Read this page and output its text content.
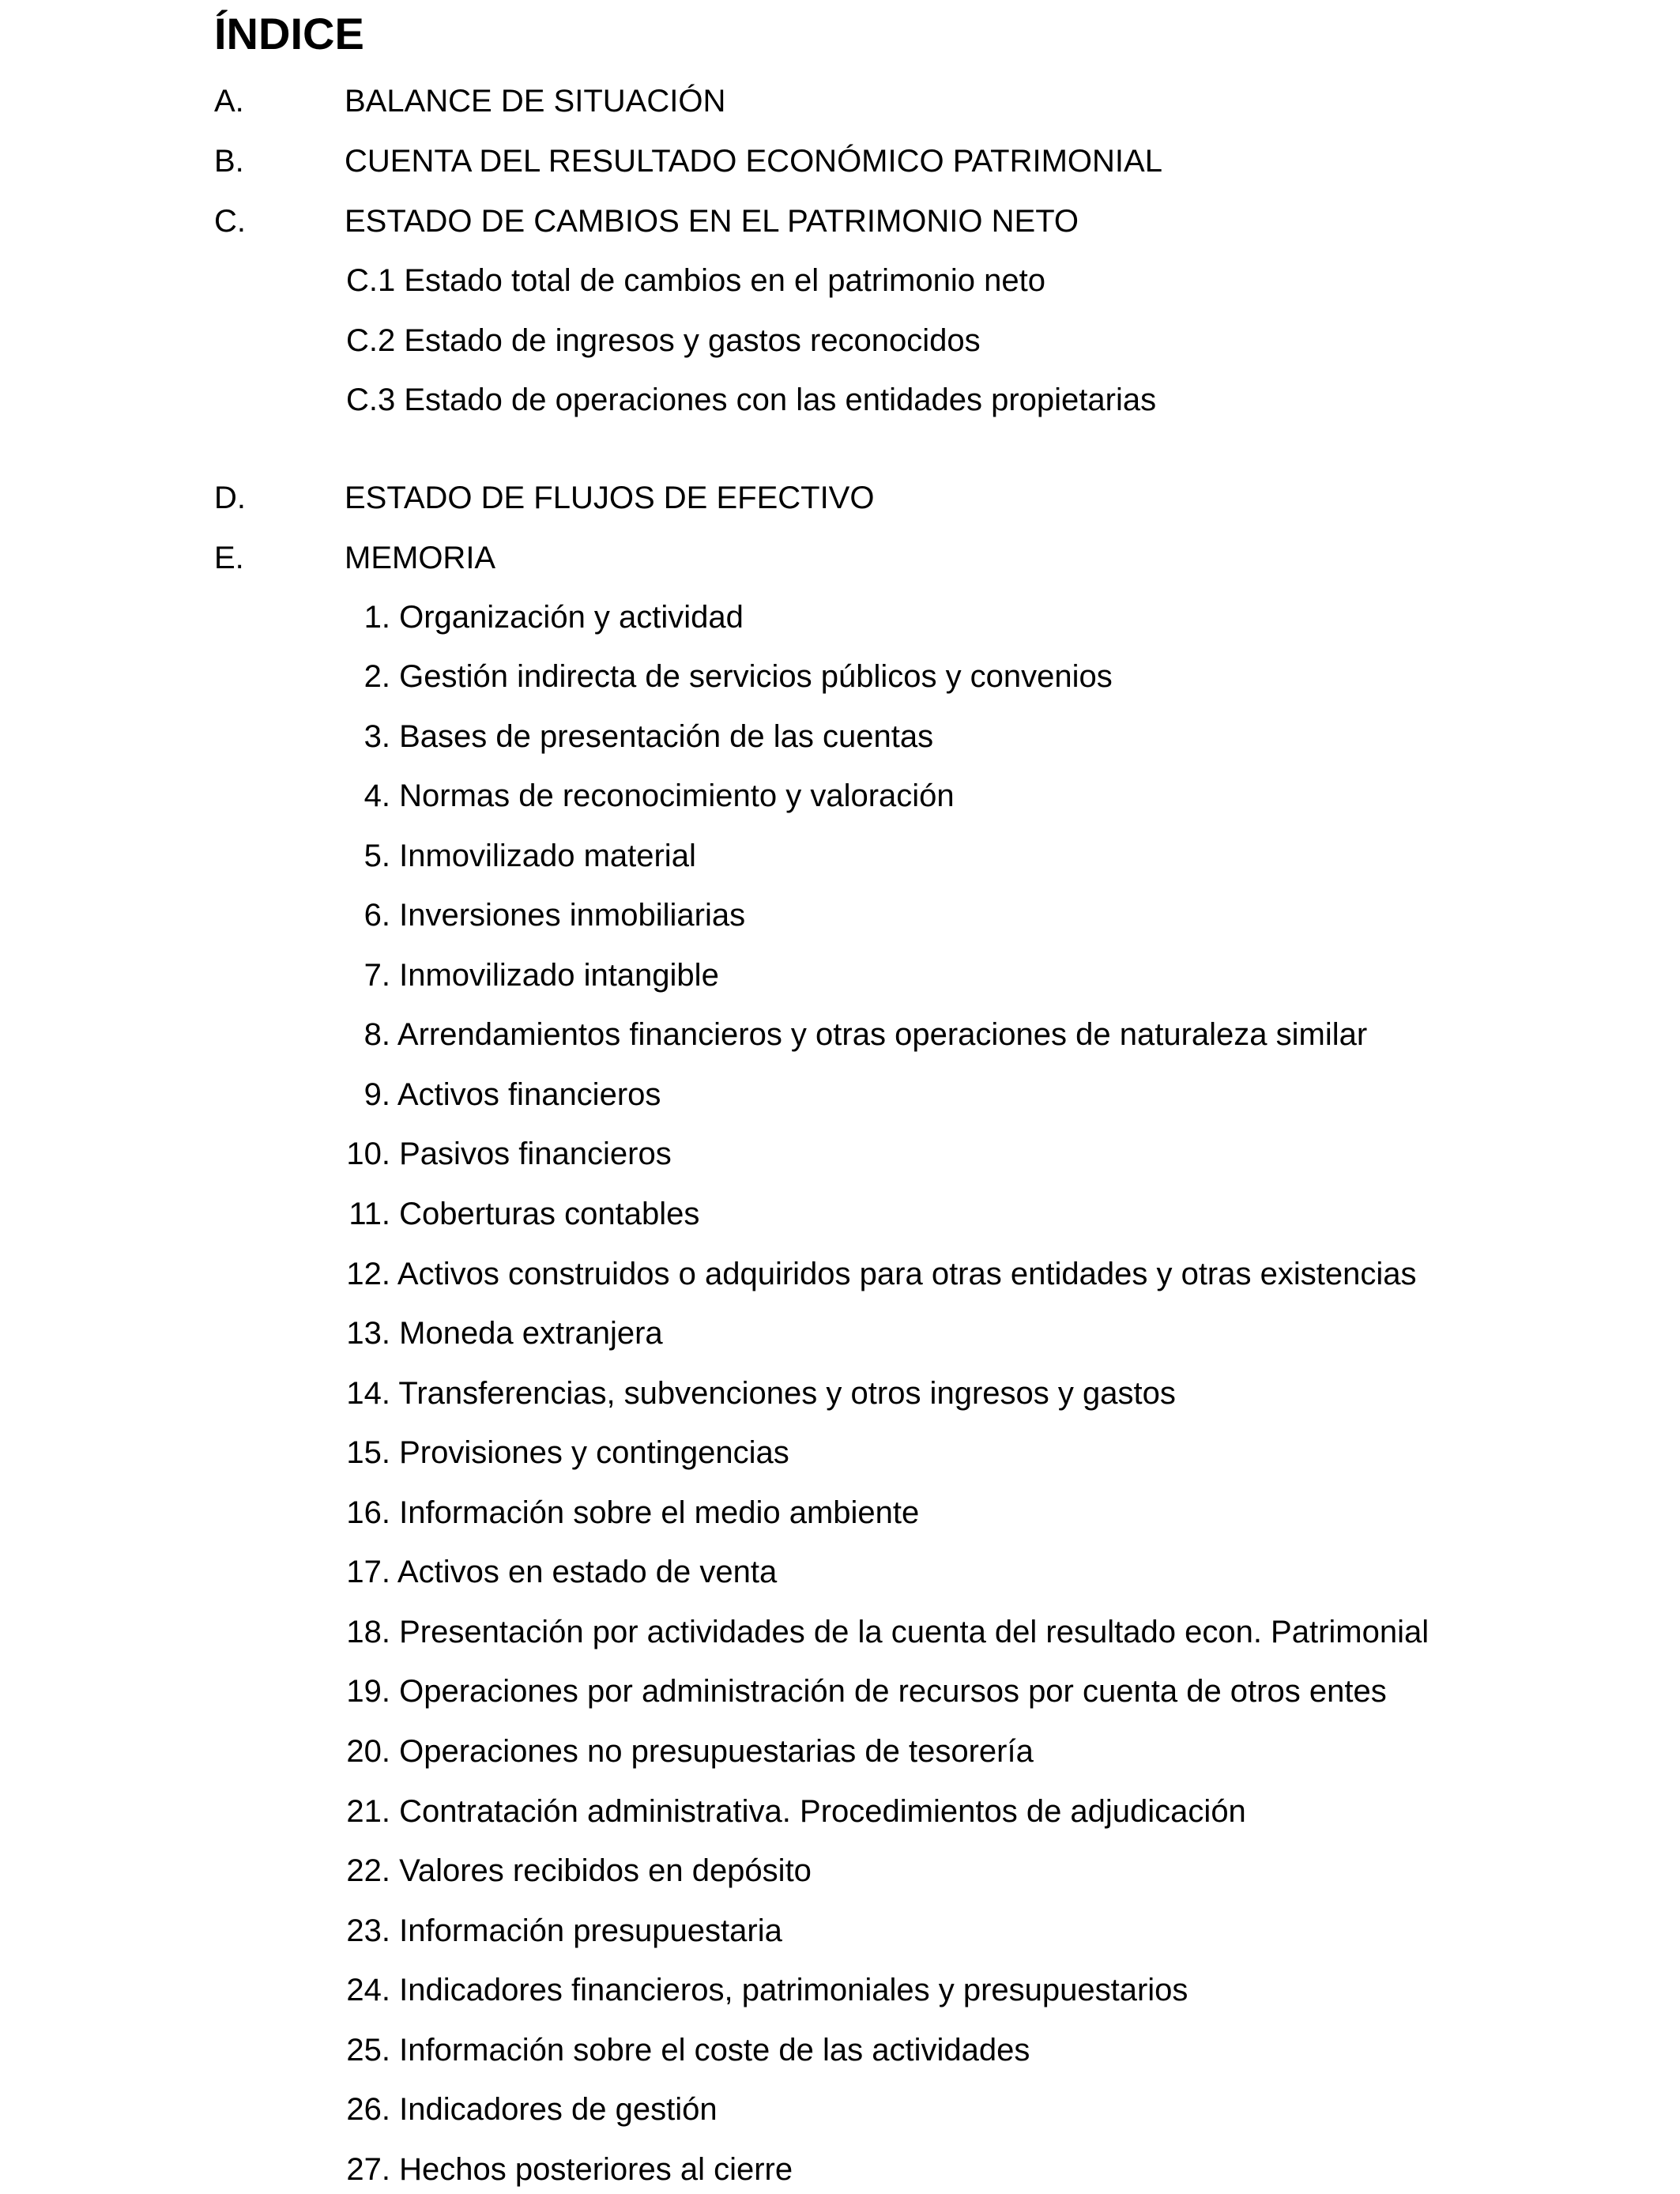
ÍNDICE
A.	BALANCE DE SITUACIÓN
B.	CUENTA DEL RESULTADO ECONÓMICO PATRIMONIAL
C.	ESTADO DE CAMBIOS EN EL PATRIMONIO NETO
C.1 Estado total de cambios en el patrimonio neto
C.2 Estado de ingresos y gastos reconocidos
C.3 Estado de operaciones con las entidades propietarias
D.	ESTADO DE FLUJOS DE EFECTIVO
E.	MEMORIA
1. Organización y actividad
2. Gestión indirecta de servicios públicos y convenios
3. Bases de presentación de las cuentas
4. Normas de reconocimiento y valoración
5. Inmovilizado material
6. Inversiones inmobiliarias
7. Inmovilizado intangible
8. Arrendamientos financieros y otras operaciones de naturaleza similar
9. Activos financieros
10. Pasivos financieros
11. Coberturas contables
12. Activos construidos o adquiridos para otras entidades y otras existencias
13. Moneda extranjera
14. Transferencias, subvenciones y otros ingresos y gastos
15. Provisiones y contingencias
16. Información sobre el medio ambiente
17. Activos en estado de venta
18. Presentación por actividades de la cuenta del resultado econ. Patrimonial
19. Operaciones por administración de recursos por cuenta de otros entes
20. Operaciones no presupuestarias de tesorería
21. Contratación administrativa. Procedimientos de adjudicación
22. Valores recibidos en depósito
23. Información presupuestaria
24. Indicadores financieros, patrimoniales y presupuestarios
25. Información sobre el coste de las actividades
26. Indicadores de gestión
27. Hechos posteriores al cierre
